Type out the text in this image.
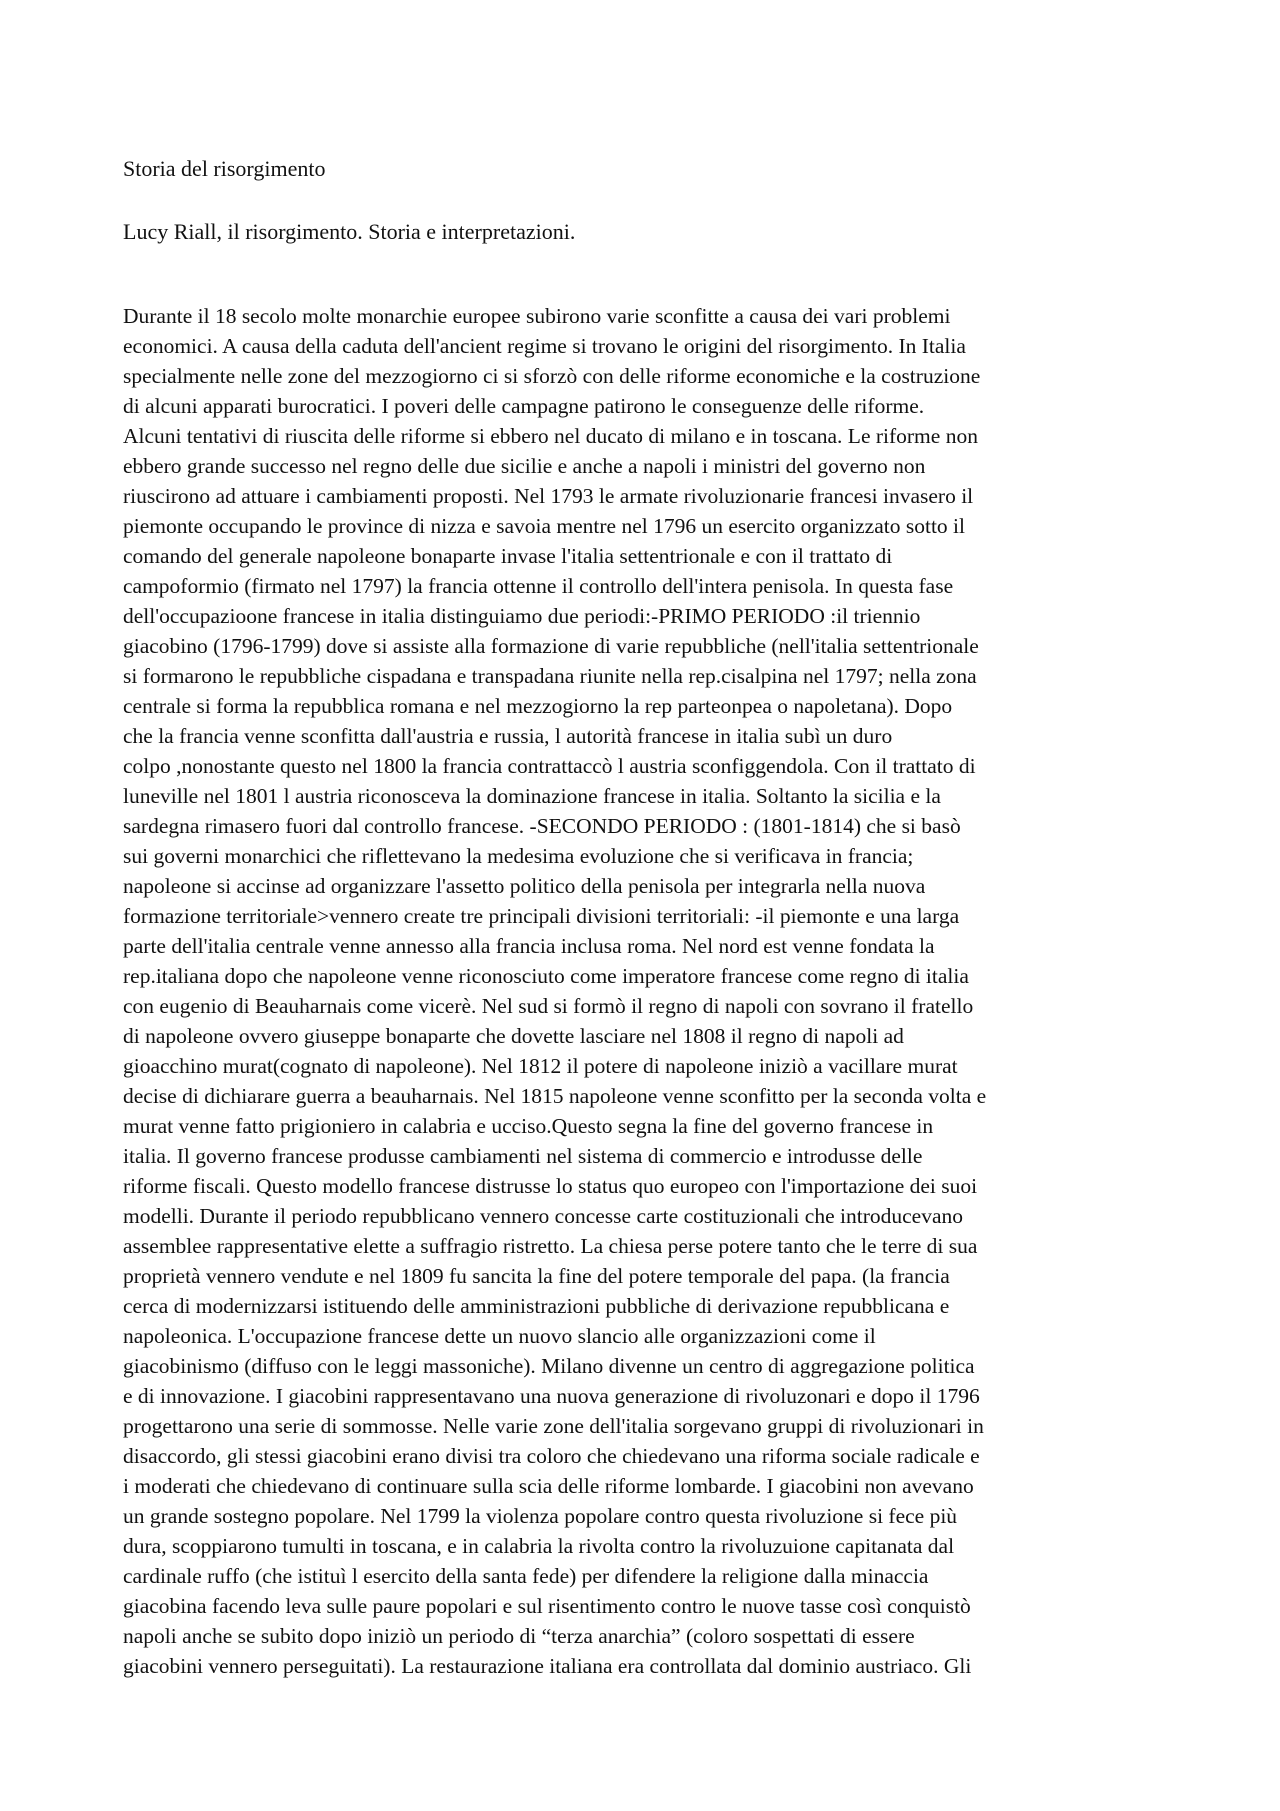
Storia del risorgimento

Lucy Riall, il risorgimento. Storia e interpretazioni.

Durante il 18 secolo molte monarchie europee subirono varie sconfitte a causa dei vari problemi
economici. A causa della caduta dell'ancient regime si trovano le origini del risorgimento. In Italia
specialmente nelle zone del mezzogiorno ci si sforzò con delle riforme economiche e la costruzione
di alcuni apparati burocratici. I poveri delle campagne patirono le conseguenze delle riforme.
Alcuni tentativi di riuscita delle riforme si ebbero nel ducato di milano e in toscana. Le riforme non
ebbero grande successo nel regno delle due sicilie e anche a napoli i ministri del governo non
riuscirono ad attuare i cambiamenti proposti. Nel 1793 le armate rivoluzionarie francesi invasero il
piemonte occupando le province di nizza e savoia mentre nel 1796 un esercito organizzato sotto il
comando del generale napoleone bonaparte invase l'italia settentrionale e con il trattato di
campoformio (firmato nel 1797) la francia ottenne il controllo dell'intera penisola. In questa fase
dell'occupazioone francese in italia distinguiamo due periodi:-PRIMO PERIODO :il triennio
giacobino (1796-1799) dove si assiste alla formazione di varie repubbliche (nell'italia settentrionale
si formarono le repubbliche cispadana e transpadana riunite nella rep.cisalpina nel 1797; nella zona
centrale si forma la repubblica romana e nel mezzogiorno la rep parteonpea o napoletana). Dopo
che la francia venne sconfitta dall'austria e russia, l autorità francese in italia subì un duro
colpo ,nonostante questo nel 1800 la francia contrattaccò l austria sconfiggendola. Con il trattato di
luneville nel 1801 l austria riconosceva la dominazione francese in italia. Soltanto la sicilia e la
sardegna rimasero fuori dal controllo francese. -SECONDO PERIODO : (1801-1814) che si basò
sui governi monarchici che riflettevano la medesima evoluzione che si verificava in francia;
napoleone si accinse ad organizzare l'assetto politico della penisola per integrarla nella nuova
formazione territoriale>vennero create tre principali divisioni territoriali: -il piemonte e una larga
parte dell'italia centrale venne annesso alla francia inclusa roma. Nel nord est venne fondata la
rep.italiana dopo che napoleone venne riconosciuto come imperatore francese come regno di italia
con eugenio di Beauharnais come vicerè. Nel sud si formò il regno di napoli con sovrano il fratello
di napoleone ovvero giuseppe bonaparte che dovette lasciare nel 1808 il regno di napoli ad
gioacchino murat(cognato di napoleone). Nel 1812 il potere di napoleone iniziò a vacillare murat
decise di dichiarare guerra a beauharnais. Nel 1815 napoleone venne sconfitto per la seconda volta e
murat venne fatto prigioniero in calabria e ucciso.Questo segna la fine del governo francese in
italia. Il governo francese produsse cambiamenti nel sistema di commercio e introdusse delle
riforme fiscali. Questo modello francese distrusse lo status quo europeo con l'importazione dei suoi
modelli. Durante il periodo repubblicano vennero concesse carte costituzionali che introducevano
assemblee rappresentative elette a suffragio ristretto. La chiesa perse potere tanto che le terre di sua
proprietà vennero vendute e nel 1809 fu sancita la fine del potere temporale del papa. (la francia
cerca di modernizzarsi istituendo delle amministrazioni pubbliche di derivazione repubblicana e
napoleonica. L'occupazione francese dette un nuovo slancio alle organizzazioni come il
giacobinismo (diffuso con le leggi massoniche). Milano divenne un centro di aggregazione politica
e di innovazione. I giacobini rappresentavano una nuova generazione di rivoluzonari e dopo il 1796
progettarono una serie di sommosse. Nelle varie zone dell'italia sorgevano gruppi di rivoluzionari in
disaccordo, gli stessi giacobini erano divisi tra coloro che chiedevano una riforma sociale radicale e
i moderati che chiedevano di continuare sulla scia delle riforme lombarde. I giacobini non avevano
un grande sostegno popolare. Nel 1799 la violenza popolare contro questa rivoluzione si fece più
dura, scoppiarono tumulti in toscana, e in calabria la rivolta contro la rivoluzuione capitanata dal
cardinale ruffo (che istituì l esercito della santa fede) per difendere la religione dalla minaccia
giacobina facendo leva sulle paure popolari e sul risentimento contro le nuove tasse così conquistò
napoli anche se subito dopo iniziò un periodo di “terza anarchia” (coloro sospettati di essere
giacobini vennero perseguitati). La restaurazione italiana era controllata dal dominio austriaco. Gli
